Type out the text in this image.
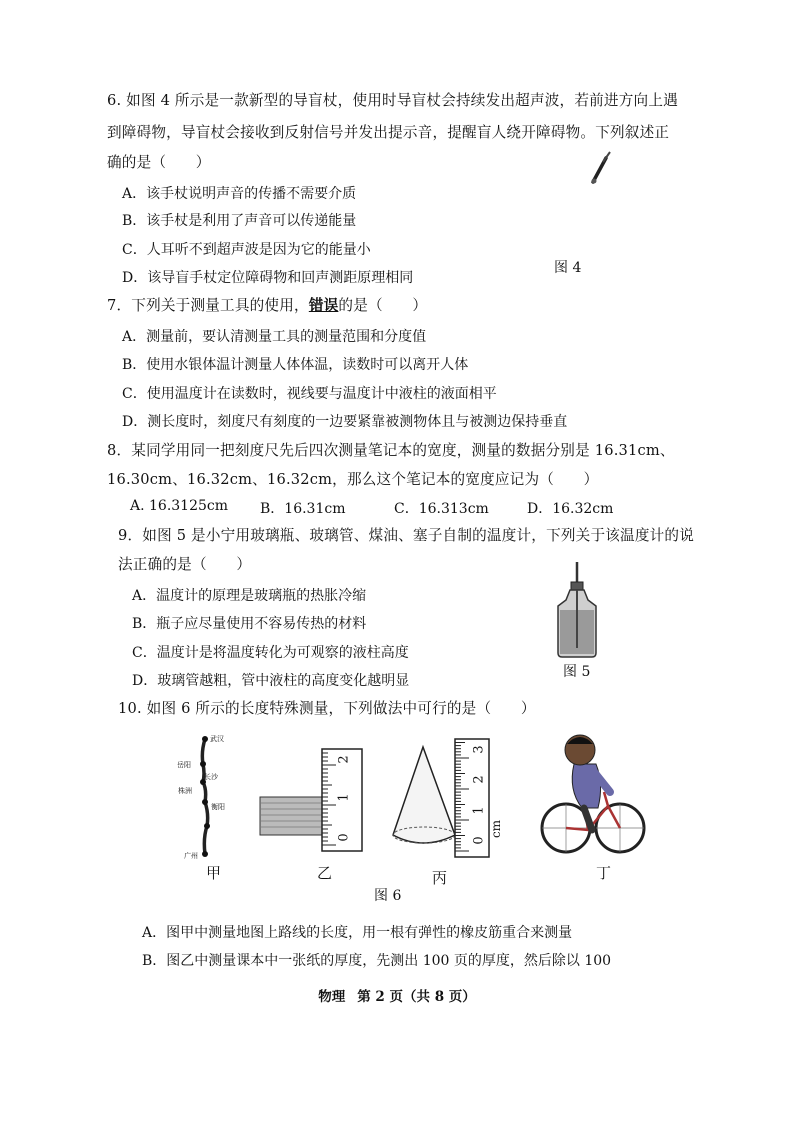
6. 如图 4 所示是一款新型的导盲杖，使用时导盲杖会持续发出超声波，若前进方向上遇
到障碍物，导盲杖会接收到反射信号并发出提示音，提醒盲人绕开障碍物。下列叙述正
确的是（　　）
A．该手杖说明声音的传播不需要介质
B．该手杖是利用了声音可以传递能量
C．人耳听不到超声波是因为它的能量小
D．该导盲手杖定位障碍物和回声测距原理相同
图 4
7．下列关于测量工具的使用，错误的是（　　）
A．测量前，要认清测量工具的测量范围和分度值
B．使用水银体温计测量人体体温，读数时可以离开人体
C．使用温度计在读数时，视线要与温度计中液柱的液面相平
D．测长度时，刻度尺有刻度的一边要紧靠被测物体且与被测边保持垂直
8．某同学用同一把刻度尺先后四次测量笔记本的宽度，测量的数据分别是 16.31cm、
16.30cm、16.32cm、16.32cm，那么这个笔记本的宽度应记为（　　）
A. 16.3125cm B．16.31cm	C．16.313cm	D．16.32cm
9．如图 5 是小宁用玻璃瓶、玻璃管、煤油、塞子自制的温度计，下列关于该温度计的说
法正确的是（　　）
A．温度计的原理是玻璃瓶的热胀冷缩
B．瓶子应尽量使用不容易传热的材料
C．温度计是将温度转化为可观察的液柱高度
D．玻璃管越粗，管中液柱的高度变化越明显
图 5
10. 如图 6 所示的长度特殊测量，下列做法中可行的是（　　）
武汉
岳阳
长沙
株洲
衡阳
广州
甲
0
1
2
乙
0
1
2
3
cm
丙	丁
图 6
A．图甲中测量地图上路线的长度，用一根有弹性的橡皮筋重合来测量
B．图乙中测量课本中一张纸的厚度，先测出 100 页的厚度，然后除以 100
物理 第 2 页（共 8 页）
